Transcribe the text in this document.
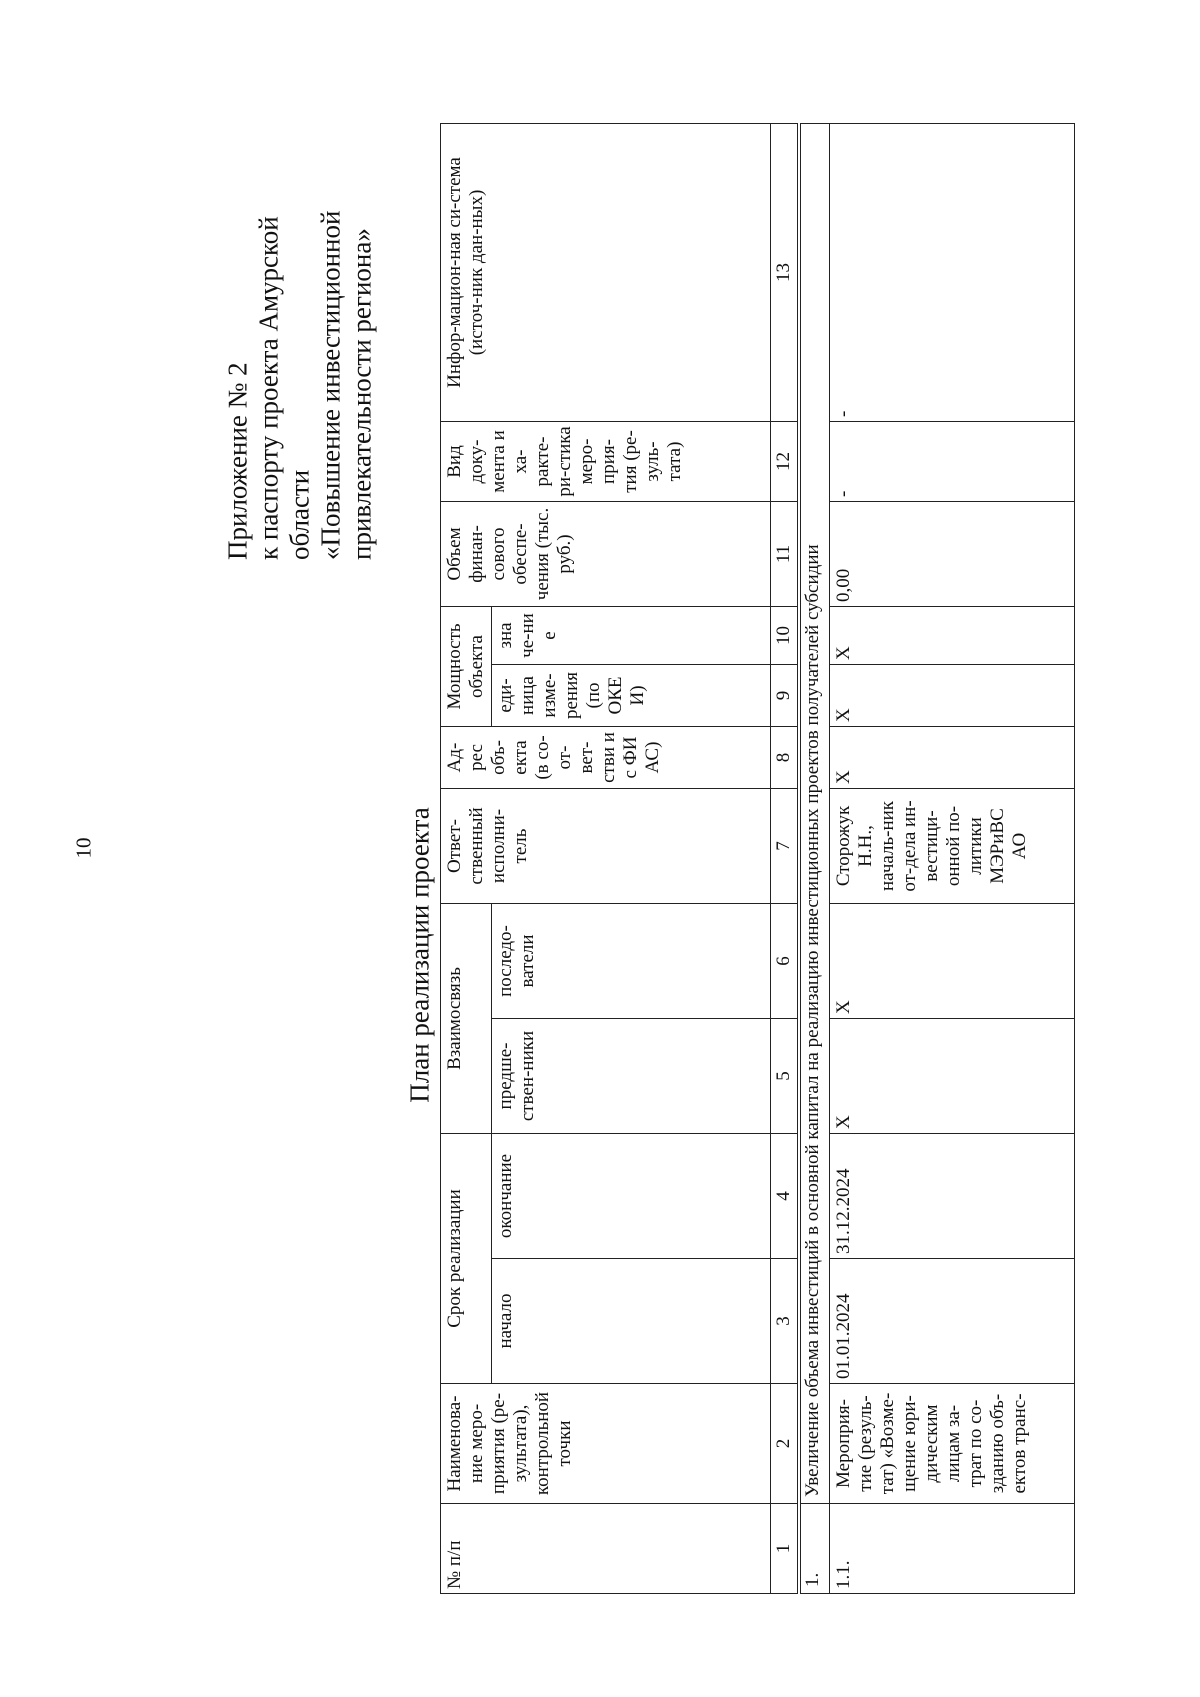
10
Приложение № 2 к паспорту проекта Амурской области «Повышение инвестиционной привлекательности региона»
План реализации проекта
№ п/п	Наименова-ние меро-приятия (ре-зультата), контрольной точки	Срок реализации		Взаимосвязь		Ответ-ственный исполни-тель	Ад-рес объ-екта (в со-от-вет-стви и с ФИ АС)	Мощность объекта		Объем финан-сового обеспе-чения (тыс. руб.)	Вид доку-мента и ха-ракте-ри-стика меро-прия-тия (ре-зуль-тата)	Инфор-мацион-ная си-стема (источ-ник дан-ных)
		начало	окончание	предше-ствен-ники	последо-ватели			еди-ница изме-рения (по ОКЕ И)	зна че-ни е			
1	2	3	4	5	6	7	8	9	10	11	12	13
1.	Увеличение объема инвестиций в основной капитал на реализацию инвестиционных проектов получателей субсидии											
1.1.	Мероприя-тие (резуль-тат) «Возме-щение юри-дическим лицам за-трат по со-зданию объ-ектов транс-	01.01.2024	31.12.2024	X	X	Сторожук Н.Н., началь-ник от-дела ин-вестици-онной по-литики МЭРиВС АО	X	X	X	0,00	-	-
